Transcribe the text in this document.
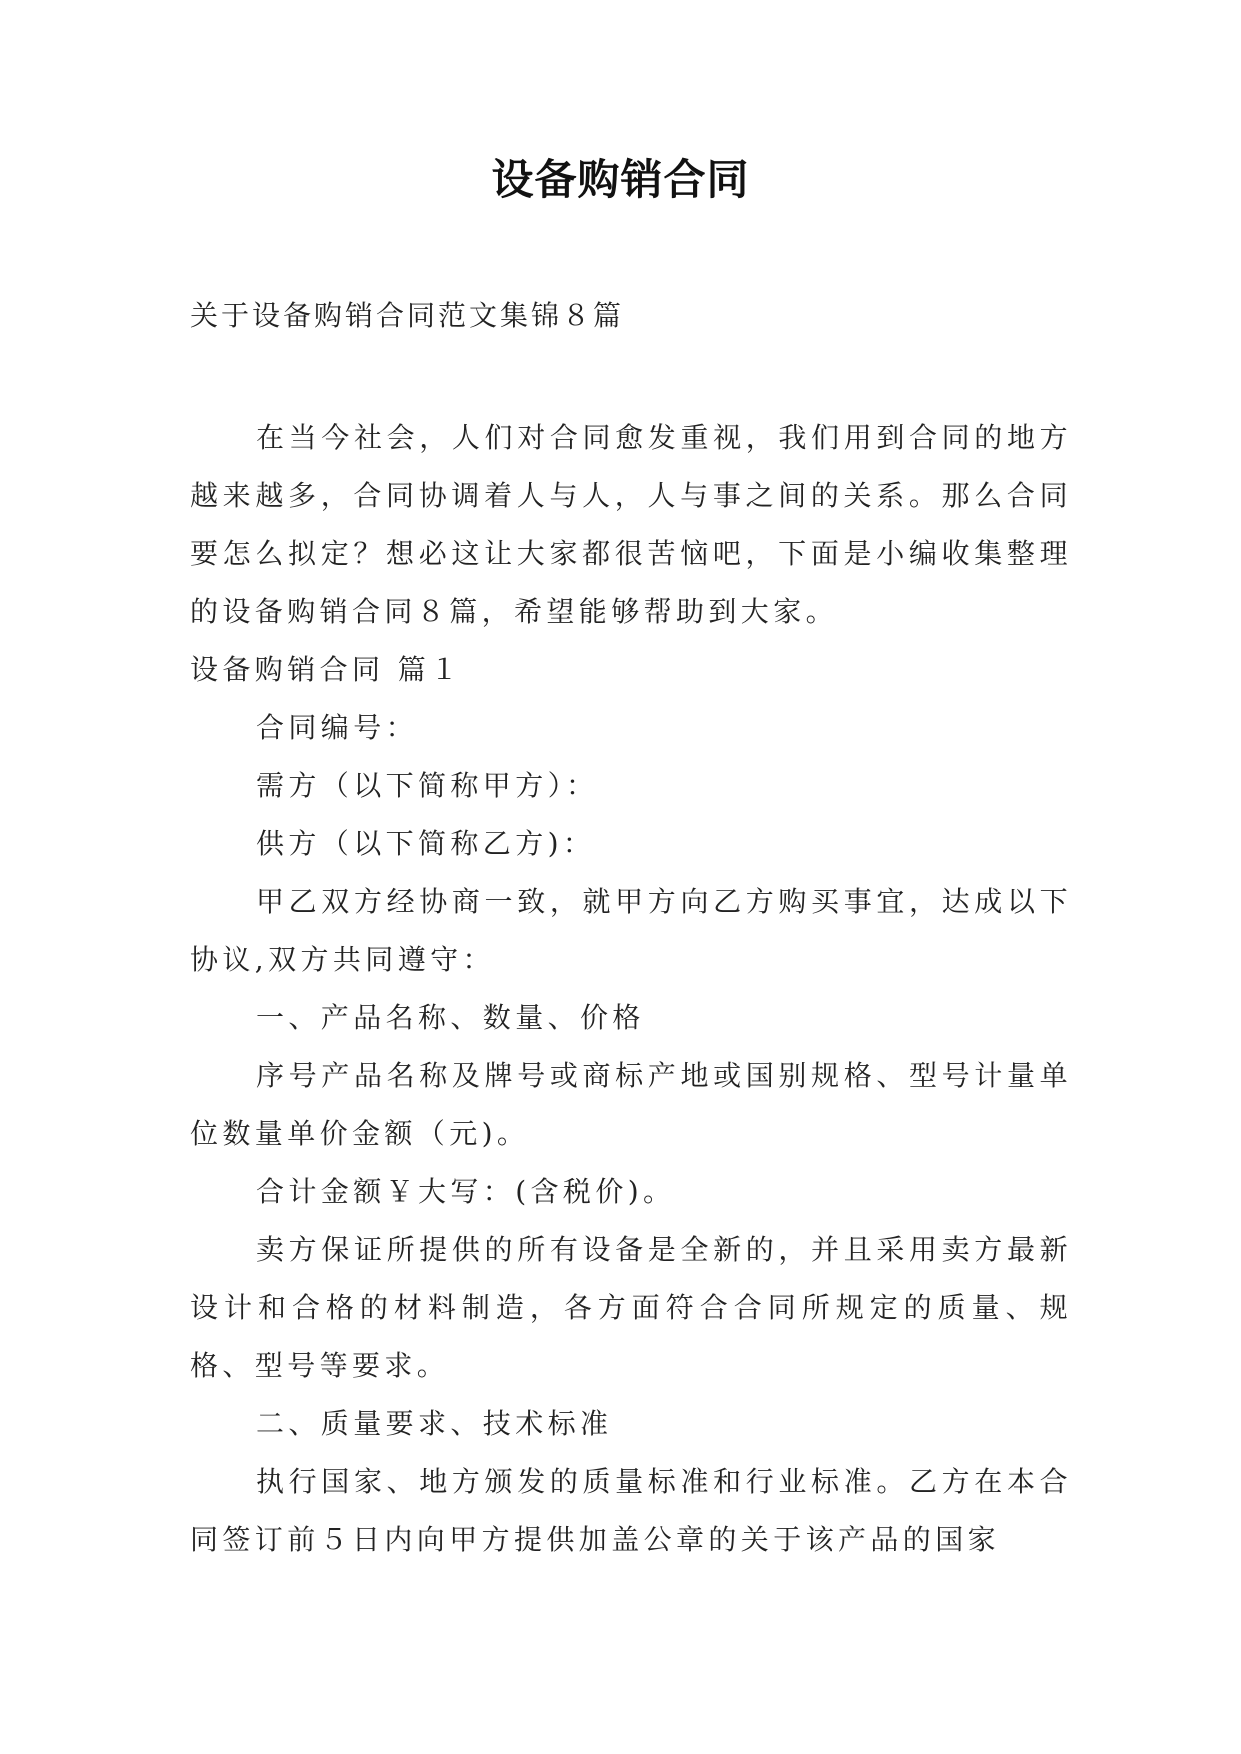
设备购销合同
关于设备购销合同范文集锦８篇

在当今社会，人们对合同愈发重视，我们用到合同的地方越来越多，合同协调着人与人，人与事之间的关系。那么合同要怎么拟定？想必这让大家都很苦恼吧，下面是小编收集整理的设备购销合同８篇，希望能够帮助到大家。

设备购销合同 篇１

合同编号：

需方（以下简称甲方）：

供方（以下简称乙方)：

甲乙双方经协商一致，就甲方向乙方购买事宜，达成以下协议,双方共同遵守：

一、产品名称、数量、价格

序号产品名称及牌号或商标产地或国别规格、型号计量单位数量单价金额（元)。

合计金额￥大写：(含税价)。

卖方保证所提供的所有设备是全新的，并且采用卖方最新设计和合格的材料制造，各方面符合合同所规定的质量、规格、型号等要求。

二、质量要求、技术标准

执行国家、地方颁发的质量标准和行业标准。乙方在本合同签订前５日内向甲方提供加盖公章的关于该产品的国家
